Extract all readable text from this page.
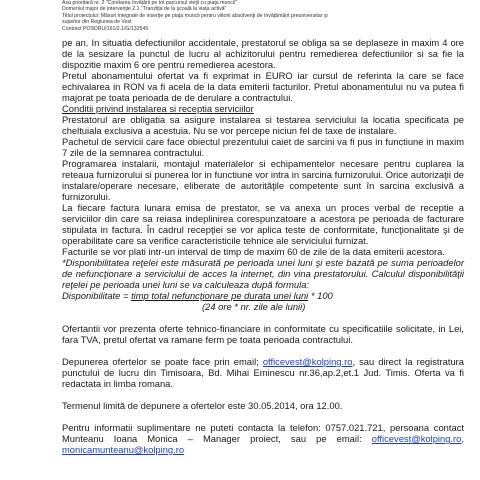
Axa prioritară nr. 2 "Corelarea învăţării pe tot parcursul vieţii cu piaţa muncii"
Domeniul major de intervenţie 2.1 "Tranziţia de la şcoală la viaţa activă"
Titlul proiectului: Măsuri integrate de inserţie pe piaţa muncii pentru viitorii absolvenţi de învăţământ preuniversitar şi
superior din Regiunea de Vest
Contract POSDRU/161/2.1/G/132545

pe an. In situatia defectiunilor accidentale, prestatorul se obliga sa se deplaseze in maxim 4 ore de la sesizare la punctul de lucru al achizitorului pentru remedierea defectiunilor si sa fie la dispozitie maxim 6 ore pentru remedierea acestora.

Pretul abonamentului ofertat va fi exprimat in EURO iar cursul de referinta la care se face echivalarea in RON va fi acela de la data emiterii facturilor. Pretul abonamentului nu va putea fi majorat pe toata perioada de de derulare a contractului.

Conditii privind instalarea si receptia serviciilor

Prestatorul are obligatia sa asigure instalarea si testarea serviciului la locatia specificata pe cheltuiala exclusiva a acestuia. Nu se vor percepe niciun fel de taxe de instalare.

Pachetul de servicii care face obiectul prezentului caiet de sarcini va fi pus in functiune in maxim 7 zile de la semnarea contractului.

Programarea instalarii, montajul materialelor si echipamentelor necesare pentru cuplarea la reteaua furnizorului si punerea lor in functiune vor intra in sarcina furnizorului. Orice autorizaţii de instalare/operare necesare, eliberate de autorităţile competente sunt în sarcina exclusivă a furnizorului.

La fiecare factura lunara emisa de prestator, se va anexa un proces verbal de receptie a serviciilor din care sa reiasa indeplinirea corespunzatoare a acestora pe perioada de facturare stipulata in factura. În cadrul recepţiei se vor aplica teste de conformitate, funcţionalitate şi de operabilitate care sa verifice caracteristicile tehnice ale serviciului furnizat.

Facturile se vor plati intr-un interval de timp de maxim 60 de zile de la data emiterii acestora.

*Disponibilitatea reţelei este măsurată pe perioada unei luni şi este bazată pe suma perioadelor de nefuncţionare a serviciului de acces la internet, din vina prestatorului. Calculul disponibilităţii reţelei pe perioada unei luni se va calculeaza după formula:

Disponibilitate = timp total nefuncţionare pe durata unei luni * 100

(24 ore * nr. zile ale lunii)

Ofertantii vor prezenta oferte tehnico-financiare in conformitate cu specificatiile solicitate, in Lei, fara TVA, pretul ofertat va ramane ferm pe toata perioada contractului.

Depunerea ofertelor se poate face prin email; officevest@kolping.ro, sau direct la registratura punctului de lucru din Timisoara, Bd. Mihai Eminescu nr.36,ap.2,et.1 Jud. Timis. Oferta va fi redactata in limba romana.

Termenul limită de depunere a ofertelor este 30.05.2014, ora 12.00.

Pentru informatii suplimentare ne puteti contacta la telefon: 0757.021.721, persoana contact Munteanu Ioana Monica – Manager proiect, sau pe email: officevest@kolping.ro, monicamunteanu@kolping.ro
